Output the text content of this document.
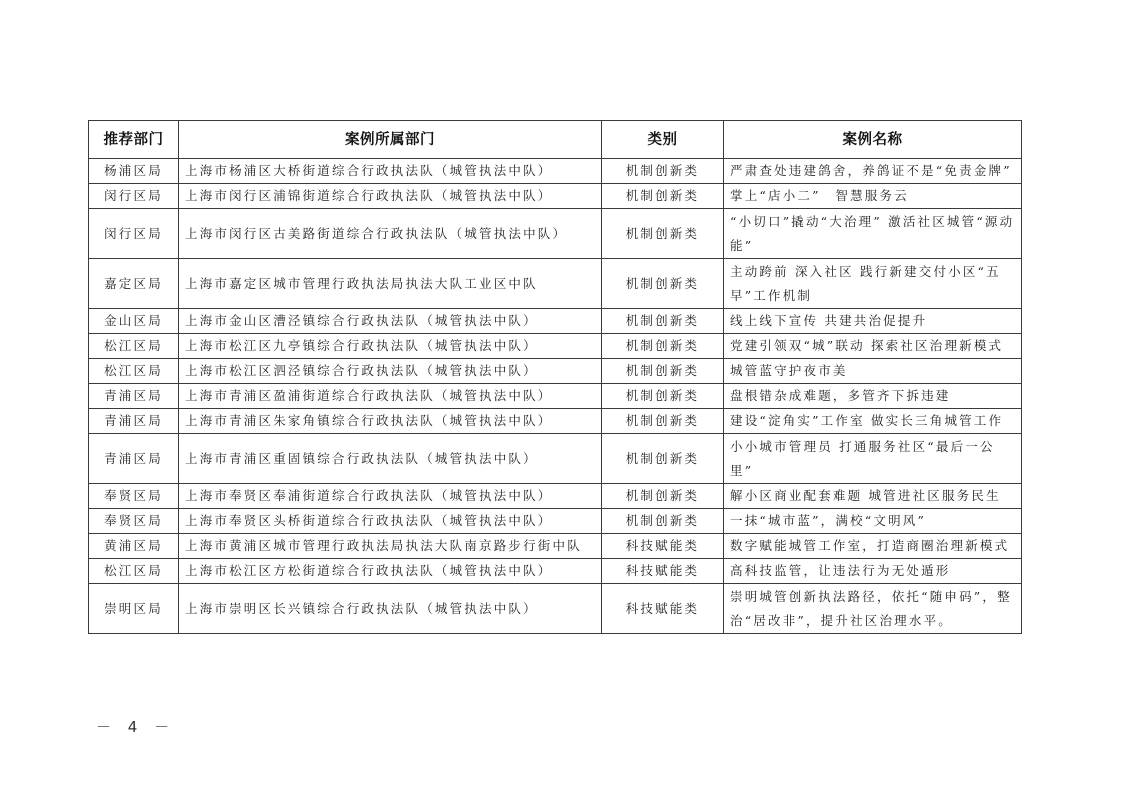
推荐部门	案例所属部门	类别	案例名称
杨浦区局	上海市杨浦区大桥街道综合行政执法队（城管执法中队）	机制创新类	严肃查处违建鸽舍，养鸽证不是“免责金牌”
闵行区局	上海市闵行区浦锦街道综合行政执法队（城管执法中队）	机制创新类	掌上“店小二”　智慧服务云
闵行区局	上海市闵行区古美路街道综合行政执法队（城管执法中队）	机制创新类	“小切口”撬动“大治理” 激活社区城管“源动能”
嘉定区局	上海市嘉定区城市管理行政执法局执法大队工业区中队	机制创新类	主动跨前 深入社区 践行新建交付小区“五早”工作机制
金山区局	上海市金山区漕泾镇综合行政执法队（城管执法中队）	机制创新类	线上线下宣传 共建共治促提升
松江区局	上海市松江区九亭镇综合行政执法队（城管执法中队）	机制创新类	党建引领双“城”联动 探索社区治理新模式
松江区局	上海市松江区泗泾镇综合行政执法队（城管执法中队）	机制创新类	城管蓝守护夜市美
青浦区局	上海市青浦区盈浦街道综合行政执法队（城管执法中队）	机制创新类	盘根错杂成难题，多管齐下拆违建
青浦区局	上海市青浦区朱家角镇综合行政执法队（城管执法中队）	机制创新类	建设“淀角实”工作室 做实长三角城管工作
青浦区局	上海市青浦区重固镇综合行政执法队（城管执法中队）	机制创新类	小小城市管理员 打通服务社区“最后一公里”
奉贤区局	上海市奉贤区奉浦街道综合行政执法队（城管执法中队）	机制创新类	解小区商业配套难题 城管进社区服务民生
奉贤区局	上海市奉贤区头桥街道综合行政执法队（城管执法中队）	机制创新类	一抹“城市蓝”，满校“文明风”
黄浦区局	上海市黄浦区城市管理行政执法局执法大队南京路步行街中队	科技赋能类	数字赋能城管工作室，打造商圈治理新模式
松江区局	上海市松江区方松街道综合行政执法队（城管执法中队）	科技赋能类	高科技监管，让违法行为无处遁形
崇明区局	上海市崇明区长兴镇综合行政执法队（城管执法中队）	科技赋能类	崇明城管创新执法路径，依托“随申码”，整治“居改非”，提升社区治理水平。
－ 4 －
